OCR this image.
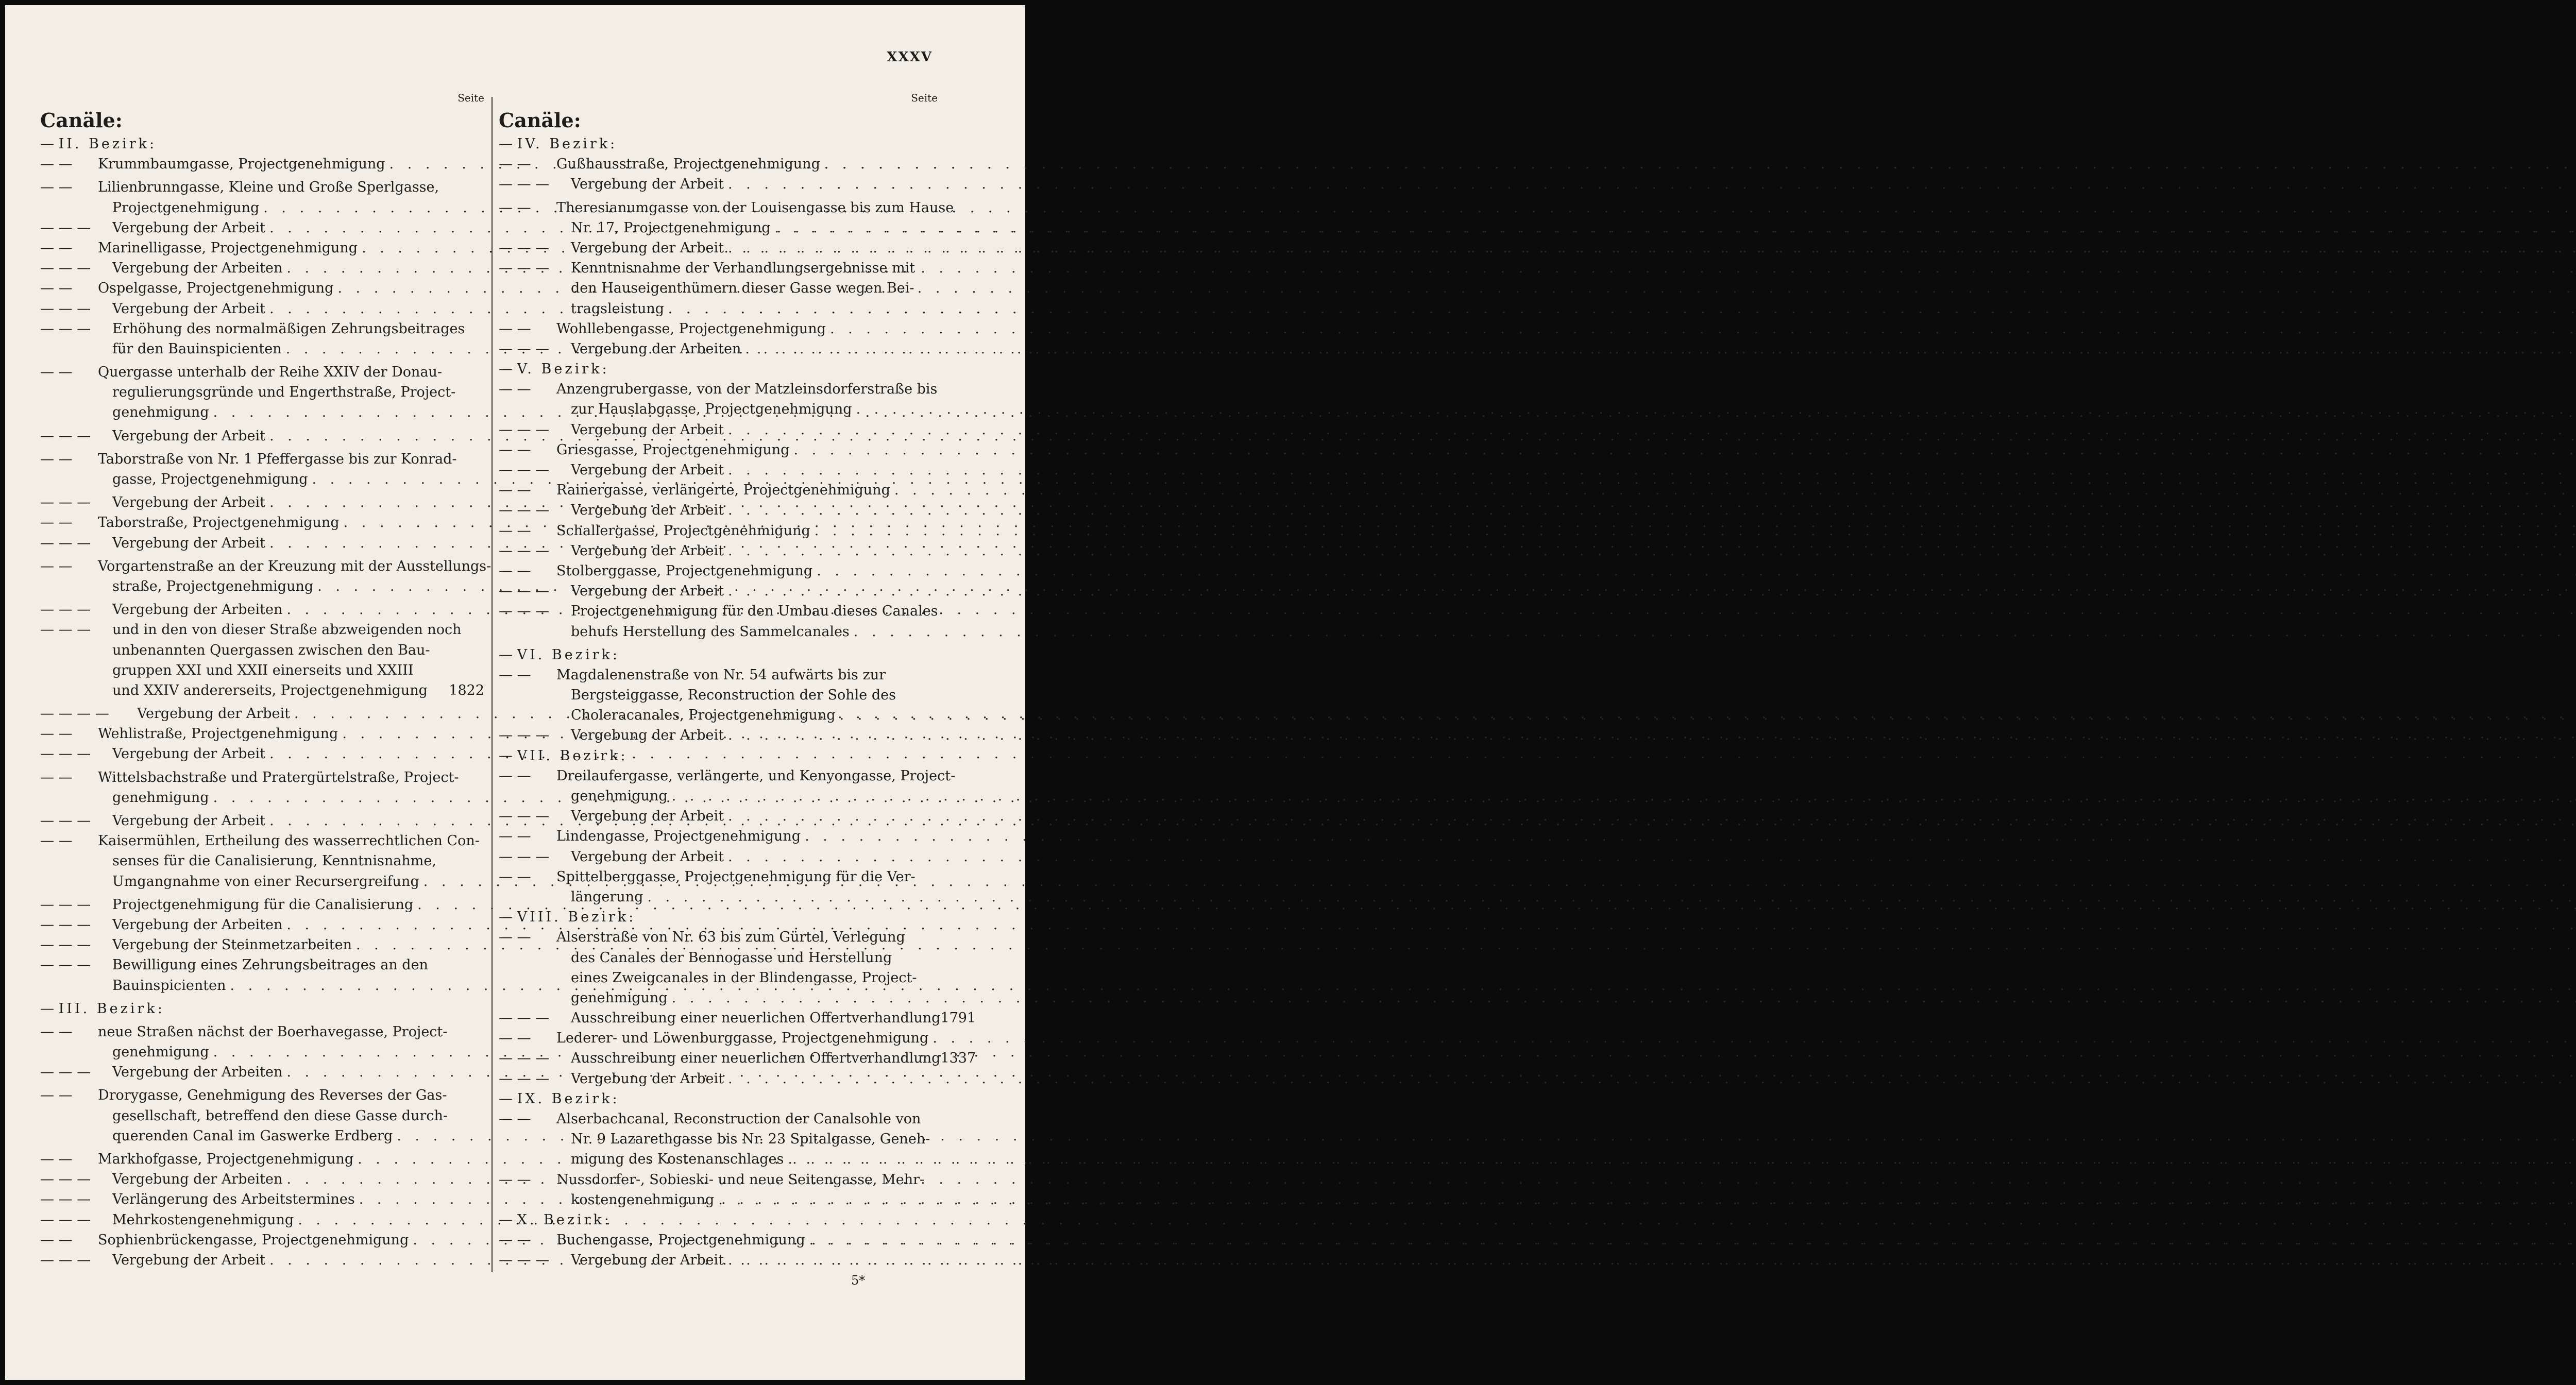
XXXV
Seite
Canäle:
— II. Bezirk:
— —	Krummbaumgasse, Projectgenehmigung
. . .
— —	Lilienbrunngasse, Kleine und Große Sperlgasse,
Projectgenehmigung
. . .
— — —	Vergebung der Arbeit
. . .
— —	Marinelligasse, Projectgenehmigung
. . .
— — —	Vergebung der Arbeiten
. . .
— —	Ospelgasse, Projectgenehmigung
. . .
— — —	Vergebung der Arbeit
. . .
— — —	Erhöhung des normalmäßigen Zehrungsbeitrages
für den Bauinspicienten
. . .
— —	Quergasse unterhalb der Reihe XXIV der Donau-
regulierungsgründe und Engerthstraße, Project-
genehmigung
. . .
— — —	Vergebung der Arbeit
. . .
— —	Taborstraße von Nr. 1 Pfeffergasse bis zur Konrad-
gasse, Projectgenehmigung
. . .
— — —	Vergebung der Arbeit
. . .
— —	Taborstraße, Projectgenehmigung
. . .
— — —	Vergebung der Arbeit
. . .
— —	Vorgartenstraße an der Kreuzung mit der Ausstellungs-
straße, Projectgenehmigung
. . .
— — —	Vergebung der Arbeiten
. . .
— — —	und in den von dieser Straße abzweigenden noch
unbenannten Quergassen zwischen den Bau-
gruppen XXI und XXII einerseits und XXIII
und XXIV andererseits, Projectgenehmigung 1822
— — — —	Vergebung der Arbeit
. . .
— —	Wehlistraße, Projectgenehmigung
. . .
— — —	Vergebung der Arbeit
. . .
— —	Wittelsbachstraße und Pratergürtelstraße, Project-
genehmigung
. . .
— — —	Vergebung der Arbeit
. . .
— —	Kaisermühlen, Ertheilung des wasserrechtlichen Con-
senses für die Canalisierung, Kenntnisnahme,
Umgangnahme von einer Recursergreifung
. . .
— — —	Projectgenehmigung für die Canalisierung
. . .
— — —	Vergebung der Arbeiten
. . .
— — —	Vergebung der Steinmetzarbeiten
. . .
— — —	Bewilligung eines Zehrungsbeitrages an den
Bauinspicienten
. . .
— III. Bezirk:
— —	neue Straßen nächst der Boerhavegasse, Project-
genehmigung
. . .
— — —	Vergebung der Arbeiten
. . .
— —	Drorygasse, Genehmigung des Reverses der Gas-
gesellschaft, betreffend den diese Gasse durch-
querenden Canal im Gaswerke Erdberg
. . .
— —	Markhofgasse, Projectgenehmigung
. . .
— — —	Vergebung der Arbeiten
. . .
— — —	Verlängerung des Arbeitstermines
. . .
— — —	Mehrkostengenehmigung
. . .
— —	Sophienbrückengasse, Projectgenehmigung
. . .
— — —	Vergebung der Arbeit
. . .
Seite
Canäle:
— IV. Bezirk:
— —	Gußhausstraße, Projectgenehmigung
. . .
— — —	Vergebung der Arbeit
. . .
— —	Theresianumgasse von der Louisengasse bis zum Hause
Nr. 17, Projectgenehmigung
. . .
— — —	Vergebung der Arbeit
. . .
— — —	Kenntnisnahme der Verhandlungsergebnisse mit
den Hauseigenthümern dieser Gasse wegen Bei-
tragsleistung
. . .
— —	Wohllebengasse, Projectgenehmigung
. . .
— — —	Vergebung der Arbeiten
. . .
— V. Bezirk:
— —	Anzengrubergasse, von der Matzleinsdorferstraße bis
zur Hauslabgasse, Projectgenehmigung
. . .
— — —	Vergebung der Arbeit
. . .
— —	Griesgasse, Projectgenehmigung
. . .
— — —	Vergebung der Arbeit
. . .
— —	Rainergasse, verlängerte, Projectgenehmigung
. . .
— — —	Vergebung der Arbeit
. . .
— —	Schallergasse, Projectgenehmigung
. . .
— — —	Vergebung der Arbeit
. . .
— —	Stolberggasse, Projectgenehmigung
. . .
— — —	Vergebung der Arbeit
. . .
— — —	Projectgenehmigung für den Umbau dieses Canales
behufs Herstellung des Sammelcanales
. . .
— VI. Bezirk:
— —	Magdalenenstraße von Nr. 54 aufwärts bis zur
Bergsteiggasse, Reconstruction der Sohle des
Choleracanales, Projectgenehmigung
. . .
— — —	Vergebung der Arbeit
. . .
— VII. Bezirk:
— —	Dreilaufergasse, verlängerte, und Kenyongasse, Project-
genehmigung
. . .
— — —	Vergebung der Arbeit
. . .
— —	Lindengasse, Projectgenehmigung
. . .
— — —	Vergebung der Arbeit
. . .
— —	Spittelberggasse, Projectgenehmigung für die Ver-
längerung
. . .
— VIII. Bezirk:
— —	Alserstraße von Nr. 63 bis zum Gürtel, Verlegung
des Canales der Bennogasse und Herstellung
eines Zweigcanales in der Blindengasse, Project-
genehmigung
. . .
— — —	Ausschreibung einer neuerlichen Offertverhandlung 1791
— —	Lederer- und Löwenburggasse, Projectgenehmigung
. . .
— — —	Ausschreibung einer neuerlichen Offertverhandlung 1337
— — —	Vergebung der Arbeit
. . .
— IX. Bezirk:
— —	Alserbachcanal, Reconstruction der Canalsohle von
Nr. 9 Lazarethgasse bis Nr. 23 Spitalgasse, Geneh-
migung des Kostenanschlages
. . .
— —	Nussdorfer-, Sobieski- und neue Seitengasse, Mehr-
kostengenehmigung
. . .
— X. Bezirk:
— —	Buchengasse, Projectgenehmigung
. . .
— — —	Vergebung der Arbeit
. . .
5*
